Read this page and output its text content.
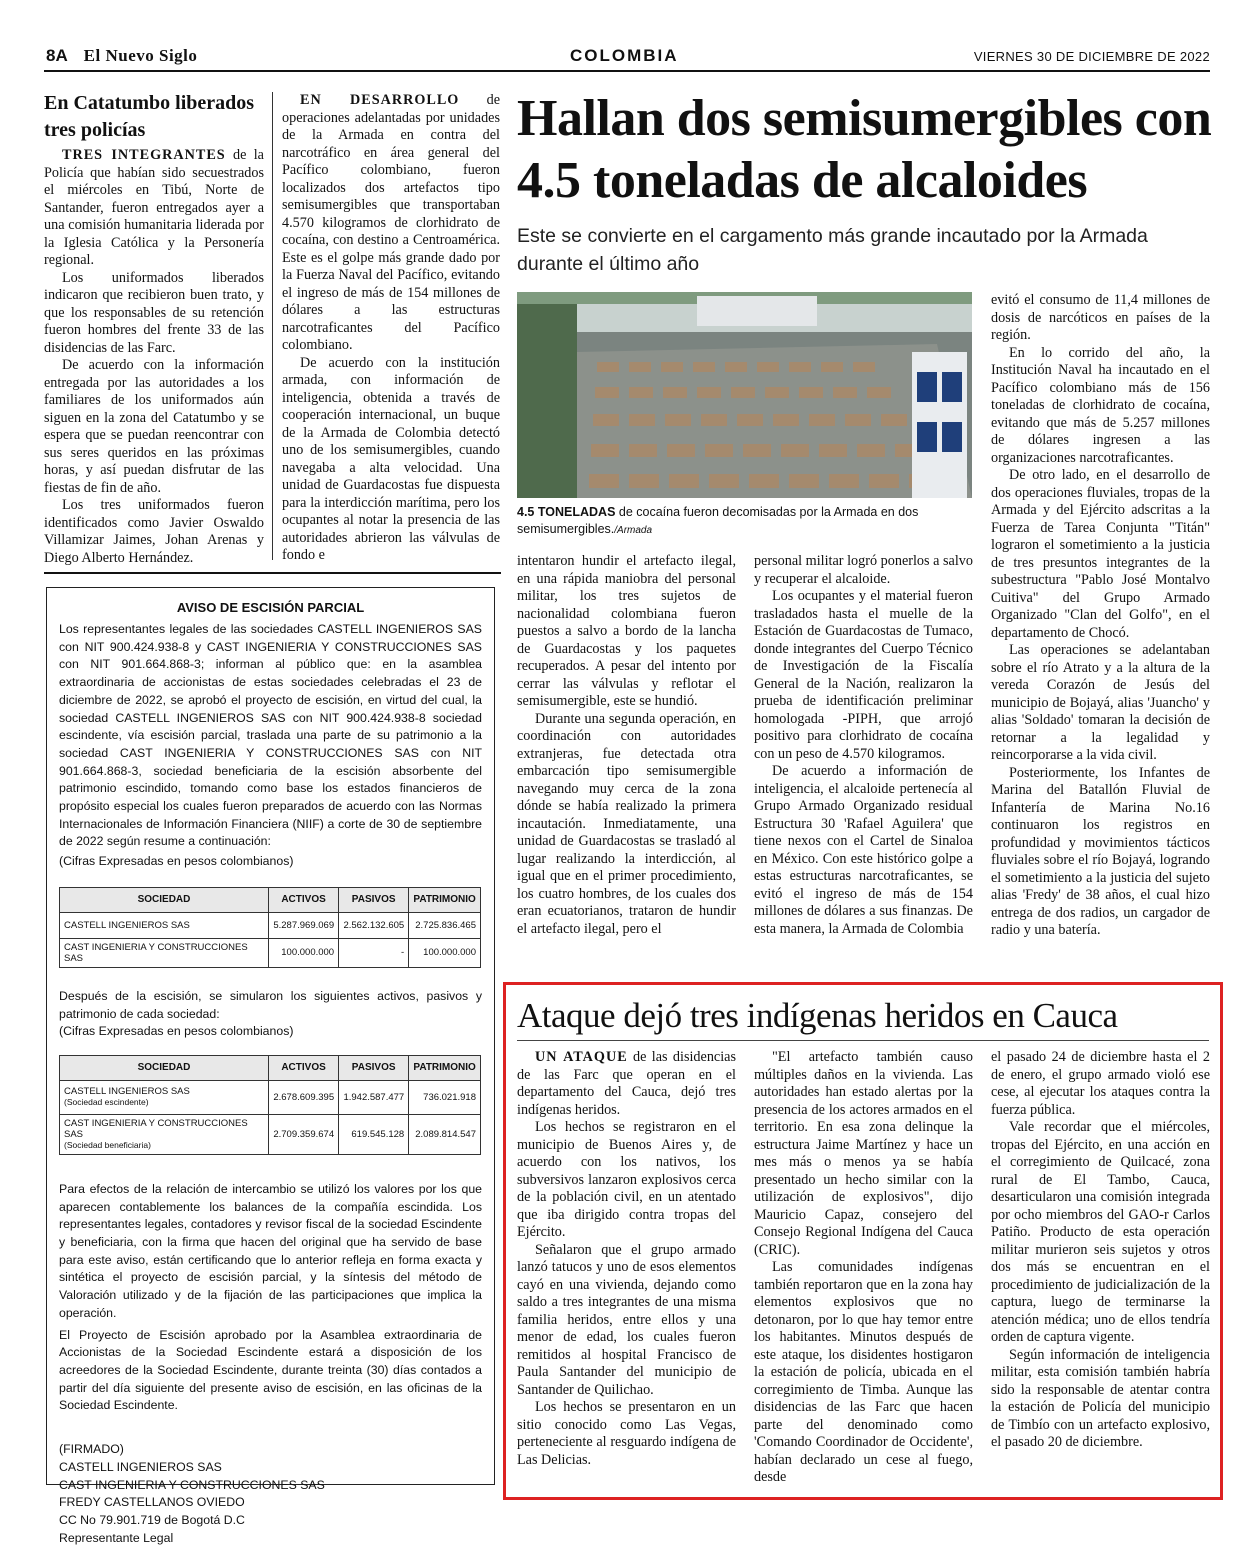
8A El Nuevo Siglo	COLOMBIA	VIERNES 30 DE DICIEMBRE DE 2022
En Catatumbo liberados tres policías

TRES INTEGRANTES de la Policía que habían sido secuestrados el miércoles en Tibú, Norte de Santander, fueron entregados ayer a una comisión humanitaria liderada por la Iglesia Católica y la Personería regional.

Los uniformados liberados indicaron que recibieron buen trato, y que los responsables de su retención fueron hombres del frente 33 de las disidencias de las Farc.

De acuerdo con la información entregada por las autoridades a los familiares de los uniformados aún siguen en la zona del Catatumbo y se espera que se puedan reencontrar con sus seres queridos en las próximas horas, y así puedan disfrutar de las fiestas de fin de año.

Los tres uniformados fueron identificados como Javier Oswaldo Villamizar Jaimes, Johan Arenas y Diego Alberto Hernández.

EN DESARROLLO de operaciones adelantadas por unidades de la Armada en contra del narcotráfico en área general del Pacífico colombiano, fueron localizados dos artefactos tipo semisumergibles que transportaban 4.570 kilogramos de clorhidrato de cocaína, con destino a Centroamérica. Este es el golpe más grande dado por la Fuerza Naval del Pacífico, evitando el ingreso de más de 154 millones de dólares a las estructuras narcotraficantes del Pacífico colombiano.

De acuerdo con la institución armada, con información de inteligencia, obtenida a través de cooperación internacional, un buque de la Armada de Colombia detectó uno de los semisumergibles, cuando navegaba a alta velocidad. Una unidad de Guardacostas fue dispuesta para la interdicción marítima, pero los ocupantes al notar la presencia de las autoridades abrieron las válvulas de fondo e

Hallan dos semisumergibles con 4.5 toneladas de alcaloides
Este se convierte en el cargamento más grande incautado por la Armada durante el último año
4.5 TONELADAS de cocaína fueron decomisadas por la Armada en dos semisumergibles./Armada

evitó el consumo de 11,4 millones de dosis de narcóticos en países de la región.

En lo corrido del año, la Institución Naval ha incautado en el Pacífico colombiano más de 156 toneladas de clorhidrato de cocaína, evitando que más de 5.257 millones de dólares ingresen a las organizaciones narcotraficantes.

De otro lado, en el desarrollo de dos operaciones fluviales, tropas de la Armada y del Ejército adscritas a la Fuerza de Tarea Conjunta "Titán" lograron el sometimiento a la justicia de tres presuntos integrantes de la subestructura "Pablo José Montalvo Cuitiva" del Grupo Armado Organizado "Clan del Golfo", en el departamento de Chocó.

Las operaciones se adelantaban sobre el río Atrato y a la altura de la vereda Corazón de Jesús del municipio de Bojayá, alias 'Juancho' y alias 'Soldado' tomaran la decisión de retornar a la legalidad y reincorporarse a la vida civil.

Posteriormente, los Infantes de Marina del Batallón Fluvial de Infantería de Marina No.16 continuaron los registros en profundidad y movimientos tácticos fluviales sobre el río Bojayá, logrando el sometimiento a la justicia del sujeto alias 'Fredy' de 38 años, el cual hizo entrega de dos radios, un cargador de radio y una batería.

intentaron hundir el artefacto ilegal, en una rápida maniobra del personal militar, los tres sujetos de nacionalidad colombiana fueron puestos a salvo a bordo de la lancha de Guardacostas y los paquetes recuperados. A pesar del intento por cerrar las válvulas y reflotar el semisumergible, este se hundió.

Durante una segunda operación, en coordinación con autoridades extranjeras, fue detectada otra embarcación tipo semisumergible navegando muy cerca de la zona dónde se había realizado la primera incautación. Inmediatamente, una unidad de Guardacostas se trasladó al lugar realizando la interdicción, al igual que en el primer procedimiento, los cuatro hombres, de los cuales dos eran ecuatorianos, trataron de hundir el artefacto ilegal, pero el

personal militar logró ponerlos a salvo y recuperar el alcaloide.

Los ocupantes y el material fueron trasladados hasta el muelle de la Estación de Guardacostas de Tumaco, donde integrantes del Cuerpo Técnico de Investigación de la Fiscalía General de la Nación, realizaron la prueba de identificación preliminar homologada -PIPH, que arrojó positivo para clorhidrato de cocaína con un peso de 4.570 kilogramos.

De acuerdo a información de inteligencia, el alcaloide pertenecía al Grupo Armado Organizado residual Estructura 30 'Rafael Aguilera' que tiene nexos con el Cartel de Sinaloa en México. Con este histórico golpe a estas estructuras narcotraficantes, se evitó el ingreso de más de 154 millones de dólares a sus finanzas. De esta manera, la Armada de Colombia

AVISO DE ESCISIÓN PARCIAL
Los representantes legales de las sociedades CASTELL INGENIEROS SAS con NIT 900.424.938-8 y CAST INGENIERIA Y CONSTRUCCIONES SAS con NIT 901.664.868-3; informan al público que: en la asamblea extraordinaria de accionistas de estas sociedades celebradas el 23 de diciembre de 2022, se aprobó el proyecto de escisión, en virtud del cual, la sociedad CASTELL INGENIEROS SAS con NIT 900.424.938-8 sociedad escindente, vía escisión parcial, traslada una parte de su patrimonio a la sociedad CAST INGENIERIA Y CONSTRUCCIONES SAS con NIT 901.664.868-3, sociedad beneficiaria de la escisión absorbente del patrimonio escindido, tomando como base los estados financieros de propósito especial los cuales fueron preparados de acuerdo con las Normas Internacionales de Información Financiera (NIIF) a corte de 30 de septiembre de 2022 según resume a continuación:
(Cifras Expresadas en pesos colombianos)
SOCIEDAD	ACTIVOS	PASIVOS	PATRIMONIO
CASTELL INGENIEROS SAS	5.287.969.069	2.562.132.605	2.725.836.465
CAST INGENIERIA Y CONSTRUCCIONES SAS	100.000.000	-	100.000.000
Después de la escisión, se simularon los siguientes activos, pasivos y patrimonio de cada sociedad:
(Cifras Expresadas en pesos colombianos)
SOCIEDAD	ACTIVOS	PASIVOS	PATRIMONIO
CASTELL INGENIEROS SAS
(Sociedad escindente)	2.678.609.395	1.942.587.477	736.021.918
CAST INGENIERIA Y CONSTRUCCIONES SAS
(Sociedad beneficiaria)	2.709.359.674	619.545.128	2.089.814.547
Para efectos de la relación de intercambio se utilizó los valores por los que aparecen contablemente los balances de la compañía escindida. Los representantes legales, contadores y revisor fiscal de la sociedad Escindente y beneficiaria, con la firma que hacen del original que ha servido de base para este aviso, están certificando que lo anterior refleja en forma exacta y sintética el proyecto de escisión parcial, y la síntesis del método de Valoración utilizado y de la fijación de las participaciones que implica la operación.
El Proyecto de Escisión aprobado por la Asamblea extraordinaria de Accionistas de la Sociedad Escindente estará a disposición de los acreedores de la Sociedad Escindente, durante treinta (30) días contados a partir del día siguiente del presente aviso de escisión, en las oficinas de la Sociedad Escindente.
(FIRMADO)
CASTELL INGENIEROS SAS
CAST INGENIERIA Y CONSTRUCCIONES SAS
FREDY CASTELLANOS OVIEDO
CC No 79.901.719 de Bogotá D.C
Representante Legal
Ataque dejó tres indígenas heridos en Cauca

UN ATAQUE de las disidencias de las Farc que operan en el departamento del Cauca, dejó tres indígenas heridos.

Los hechos se registraron en el municipio de Buenos Aires y, de acuerdo con los nativos, los subversivos lanzaron explosivos cerca de la población civil, en un atentado que iba dirigido contra tropas del Ejército.

Señalaron que el grupo armado lanzó tatucos y uno de esos elementos cayó en una vivienda, dejando como saldo a tres integrantes de una misma familia heridos, entre ellos y una menor de edad, los cuales fueron remitidos al hospital Francisco de Paula Santander del municipio de Santander de Quilichao.

Los hechos se presentaron en un sitio conocido como Las Vegas, perteneciente al resguardo indígena de Las Delicias.

"El artefacto también causo múltiples daños en la vivienda. Las autoridades han estado alertas por la presencia de los actores armados en el territorio. En esa zona delinque la estructura Jaime Martínez y hace un mes más o menos ya se había presentado un hecho similar con la utilización de explosivos", dijo Mauricio Capaz, consejero del Consejo Regional Indígena del Cauca (CRIC).

Las comunidades indígenas también reportaron que en la zona hay elementos explosivos que no detonaron, por lo que hay temor entre los habitantes. Minutos después de este ataque, los disidentes hostigaron la estación de policía, ubicada en el corregimiento de Timba. Aunque las disidencias de las Farc que hacen parte del denominado como 'Comando Coordinador de Occidente', habían declarado un cese al fuego, desde

el pasado 24 de diciembre hasta el 2 de enero, el grupo armado violó ese cese, al ejecutar los ataques contra la fuerza pública.

Vale recordar que el miércoles, tropas del Ejército, en una acción en el corregimiento de Quilcacé, zona rural de El Tambo, Cauca, desarticularon una comisión integrada por ocho miembros del GAO-r Carlos Patiño. Producto de esta operación militar murieron seis sujetos y otros dos más se encuentran en el procedimiento de judicialización de la captura, luego de terminarse la atención médica; uno de ellos tendría orden de captura vigente.

Según información de inteligencia militar, esta comisión también habría sido la responsable de atentar contra la estación de Policía del municipio de Timbío con un artefacto explosivo, el pasado 20 de diciembre.
